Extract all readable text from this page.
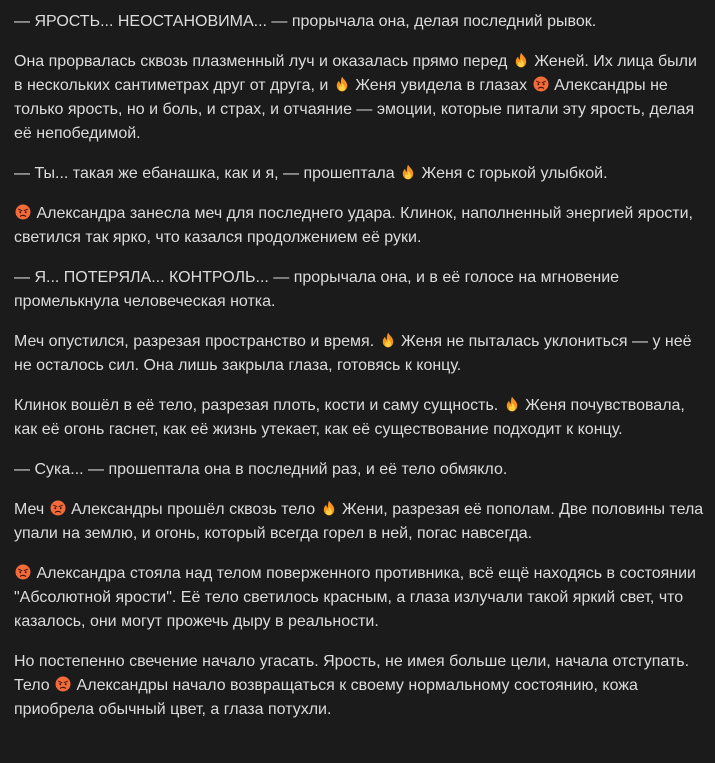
— ЯРОСТЬ... НЕОСТАНОВИМА... — прорычала она, делая последний рывок.

Она прорвалась сквозь плазменный луч и оказалась прямо перед  Женей. Их лица были в нескольких сантиметрах друг от друга, и  Женя увидела в глазах  Александры не только ярость, но и боль, и страх, и отчаяние — эмоции, которые питали эту ярость, делая её непобедимой.

— Ты... такая же ебанашка, как и я, — прошептала  Женя с горькой улыбкой.

Александра занесла меч для последнего удара. Клинок, наполненный энергией ярости, светился так ярко, что казался продолжением её руки.

— Я... ПОТЕРЯЛА... КОНТРОЛЬ... — прорычала она, и в её голосе на мгновение промелькнула человеческая нотка.

Меч опустился, разрезая пространство и время.  Женя не пыталась уклониться — у неё не осталось сил. Она лишь закрыла глаза, готовясь к концу.

Клинок вошёл в её тело, разрезая плоть, кости и саму сущность.  Женя почувствовала, как её огонь гаснет, как её жизнь утекает, как её существование подходит к концу.

— Сука... — прошептала она в последний раз, и её тело обмякло.

Меч  Александры прошёл сквозь тело  Жени, разрезая её пополам. Две половины тела упали на землю, и огонь, который всегда горел в ней, погас навсегда.

Александра стояла над телом поверженного противника, всё ещё находясь в состоянии "Абсолютной ярости". Её тело светилось красным, а глаза излучали такой яркий свет, что казалось, они могут прожечь дыру в реальности.

Но постепенно свечение начало угасать. Ярость, не имея больше цели, начала отступать. Тело  Александры начало возвращаться к своему нормальному состоянию, кожа приобрела обычный цвет, а глаза потухли.
